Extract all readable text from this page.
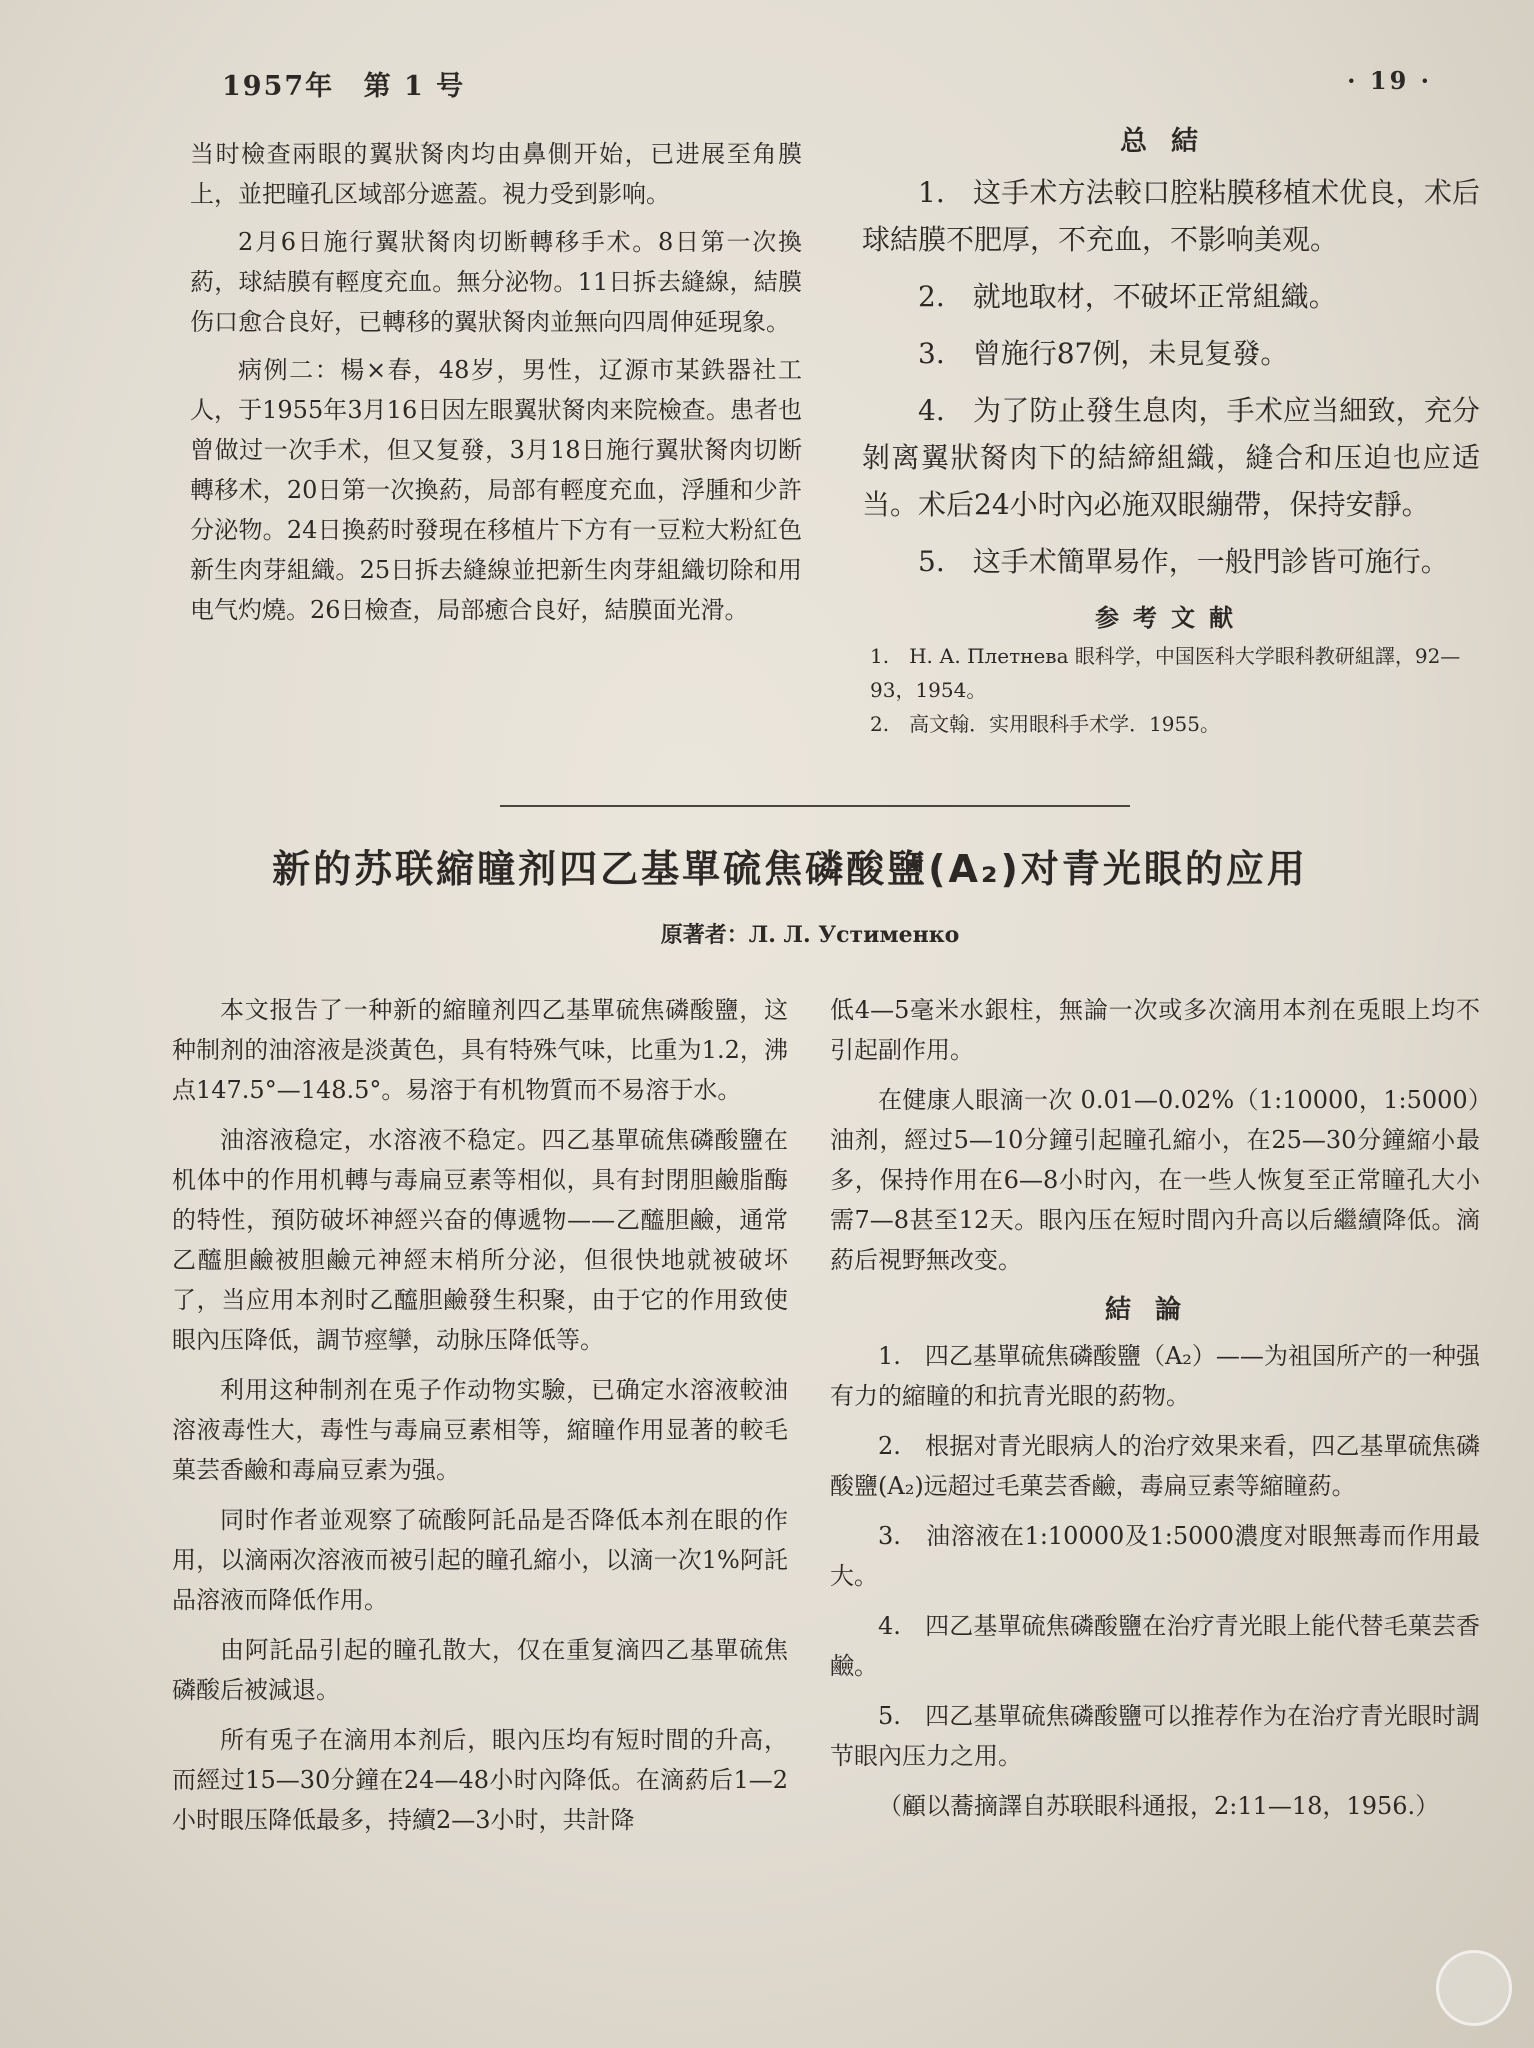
1957年 第 1 号	· 19 ·

当时檢查兩眼的翼狀胬肉均由鼻側开始，已进展至角膜上，並把瞳孔区域部分遮蓋。視力受到影响。

2月6日施行翼狀胬肉切断轉移手术。8日第一次換葯，球結膜有輕度充血。無分泌物。11日拆去縫線，結膜伤口愈合良好，已轉移的翼狀胬肉並無向四周伸延現象。

病例二：楊×春，48岁，男性，辽源市某鉄器社工人，于1955年3月16日因左眼翼狀胬肉来院檢查。患者也曾做过一次手术，但又复發，3月18日施行翼狀胬肉切断轉移术，20日第一次換葯，局部有輕度充血，浮腫和少許分泌物。24日換葯时發現在移植片下方有一豆粒大粉紅色新生肉芽組織。25日拆去縫線並把新生肉芽組織切除和用电气灼燒。26日檢查，局部癒合良好，結膜面光滑。

总結

1.　这手术方法較口腔粘膜移植术优良，术后球結膜不肥厚，不充血，不影响美观。

2.　就地取材，不破坏正常組織。

3.　曾施行87例，未見复發。

4.　为了防止發生息肉，手术应当細致，充分剝离翼狀胬肉下的結締組織，縫合和压迫也应适当。术后24小时內必施双眼繃帶，保持安靜。

5.　这手术簡單易作，一般門診皆可施行。

参考文献
1.　Н. А. Плетнева 眼科学，中国医科大学眼科教研組譯，92—93，1954。
2.　高文翰．实用眼科手术学．1955。
新的苏联縮瞳剂四乙基單硫焦磷酸鹽(A₂)对青光眼的应用
原著者：Л. Л. Устименко

本文报告了一种新的縮瞳剂四乙基單硫焦磷酸鹽，这种制剂的油溶液是淡黃色，具有特殊气味，比重为1.2，沸点147.5°—148.5°。易溶于有机物質而不易溶于水。

油溶液稳定，水溶液不稳定。四乙基單硫焦磷酸鹽在机体中的作用机轉与毒扁豆素等相似，具有封閉胆鹼脂酶的特性，預防破坏神經兴奋的傳遞物——乙醯胆鹼，通常乙醯胆鹼被胆鹼元神經末梢所分泌，但很快地就被破坏了，当应用本剂时乙醯胆鹼發生积聚，由于它的作用致使眼內压降低，調节痙攣，动脉压降低等。

利用这种制剂在兎子作动物实驗，已确定水溶液較油溶液毒性大，毒性与毒扁豆素相等，縮瞳作用显著的較毛菓芸香鹼和毒扁豆素为强。

同时作者並观察了硫酸阿託品是否降低本剂在眼的作用，以滴兩次溶液而被引起的瞳孔縮小，以滴一次1%阿託品溶液而降低作用。

由阿託品引起的瞳孔散大，仅在重复滴四乙基單硫焦磷酸后被減退。

所有兎子在滴用本剂后，眼內压均有短时間的升高，而經过15—30分鐘在24—48小时內降低。在滴葯后1—2小时眼压降低最多，持續2—3小时，共計降

低4—5毫米水銀柱，無論一次或多次滴用本剂在兎眼上均不引起副作用。

在健康人眼滴一次 0.01—0.02%（1:10000，1:5000）油剂，經过5—10分鐘引起瞳孔縮小，在25—30分鐘縮小最多，保持作用在6—8小时內，在一些人恢复至正常瞳孔大小需7—8甚至12天。眼內压在短时間內升高以后繼續降低。滴葯后視野無改变。

結論

1.　四乙基單硫焦磷酸鹽（A₂）——为祖国所产的一种强有力的縮瞳的和抗青光眼的葯物。

2.　根据对青光眼病人的治疗效果来看，四乙基單硫焦磷酸鹽(A₂)远超过毛菓芸香鹼，毒扁豆素等縮瞳葯。

3.　油溶液在1:10000及1:5000濃度对眼無毒而作用最大。

4.　四乙基單硫焦磷酸鹽在治疗青光眼上能代替毛菓芸香鹼。

5.　四乙基單硫焦磷酸鹽可以推荐作为在治疗青光眼时調节眼內压力之用。

（顧以蕎摘譯自苏联眼科通报，2:11—18，1956.）
